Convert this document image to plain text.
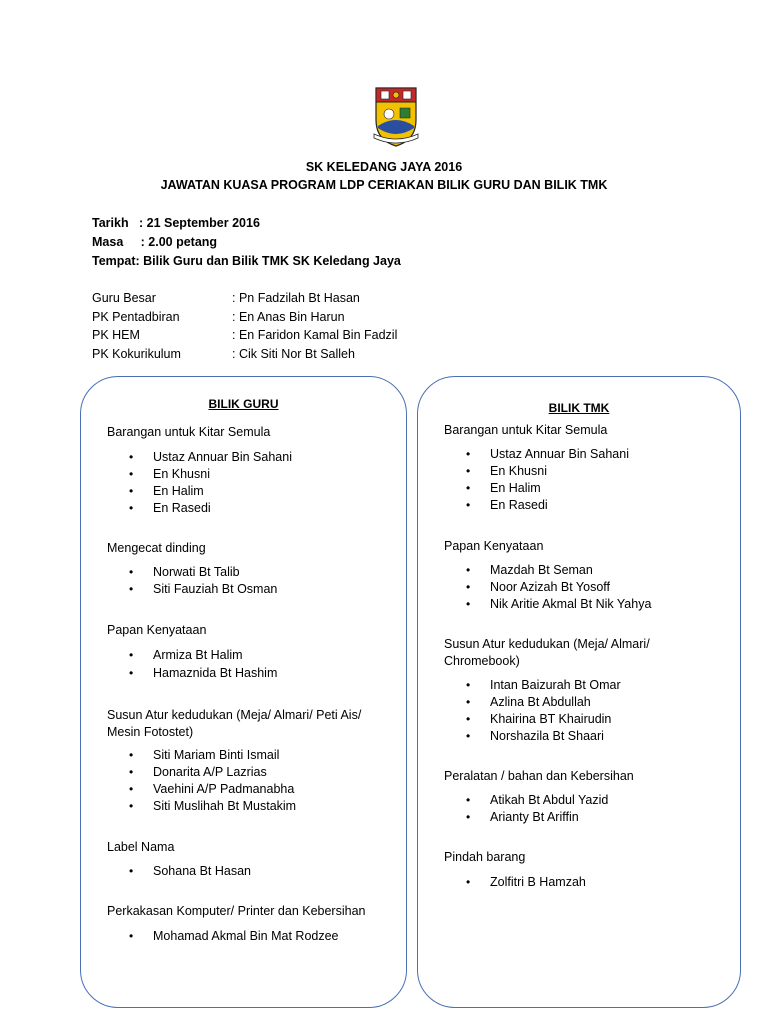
SK KELEDANG JAYA 2016
JAWATAN KUASA PROGRAM LDP CERIAKAN BILIK GURU DAN BILIK TMK
Tarikh   : 21 September 2016
Masa     : 2.00 petang
Tempat: Bilik Guru dan Bilik TMK SK Keledang Jaya
Guru Besar	: Pn Fadzilah Bt Hasan
PK Pentadbiran	: En Anas Bin Harun
PK HEM	: En Faridon Kamal Bin Fadzil
PK Kokurikulum	: Cik Siti Nor Bt Salleh
BILIK GURU
Barangan untuk Kitar Semula
• Ustaz Annuar Bin Sahani
• En Khusni
• En Halim
• En Rasedi
Mengecat dinding
• Norwati Bt Talib
• Siti Fauziah Bt Osman
Papan Kenyataan
• Armiza Bt Halim
• Hamaznida Bt Hashim
Susun Atur kedudukan (Meja/ Almari/ Peti Ais/
Mesin Fotostet)
• Siti Mariam Binti Ismail
• Donarita A/P Lazrias
• Vaehini A/P Padmanabha
• Siti Muslihah Bt Mustakim
Label Nama
• Sohana Bt Hasan
Perkakasan Komputer/ Printer dan Kebersihan
• Mohamad Akmal Bin Mat Rodzee
BILIK TMK
Barangan untuk Kitar Semula
• Ustaz Annuar Bin Sahani
• En Khusni
• En Halim
• En Rasedi
Papan Kenyataan
• Mazdah Bt Seman
• Noor Azizah Bt Yosoff
• Nik Aritie Akmal Bt Nik Yahya
Susun Atur kedudukan (Meja/ Almari/
Chromebook)
• Intan Baizurah Bt Omar
• Azlina Bt Abdullah
• Khairina BT Khairudin
• Norshazila Bt Shaari
Peralatan / bahan dan Kebersihan
• Atikah Bt Abdul Yazid
• Arianty Bt Ariffin
Pindah barang
• Zolfitri B Hamzah
